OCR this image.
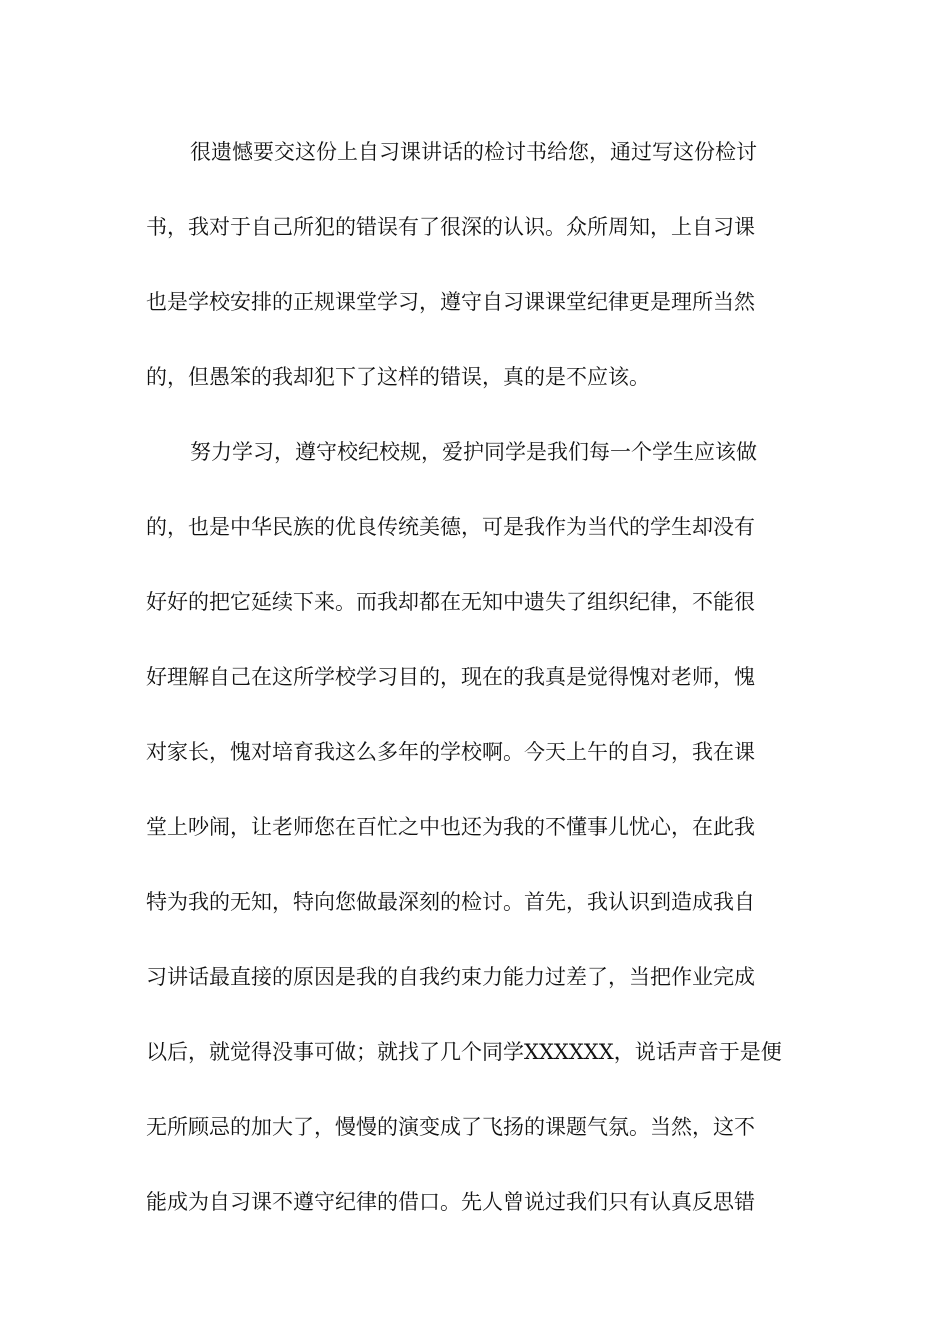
很遗憾要交这份上自习课讲话的检讨书给您，通过写这份检讨
书，我对于自己所犯的错误有了很深的认识。众所周知，上自习课
也是学校安排的正规课堂学习，遵守自习课课堂纪律更是理所当然
的，但愚笨的我却犯下了这样的错误，真的是不应该。
努力学习，遵守校纪校规，爱护同学是我们每一个学生应该做
的，也是中华民族的优良传统美德，可是我作为当代的学生却没有
好好的把它延续下来。而我却都在无知中遗失了组织纪律，不能很
好理解自己在这所学校学习目的，现在的我真是觉得愧对老师，愧
对家长，愧对培育我这么多年的学校啊。今天上午的自习，我在课
堂上吵闹，让老师您在百忙之中也还为我的不懂事儿忧心，在此我
特为我的无知，特向您做最深刻的检讨。首先，我认识到造成我自
习讲话最直接的原因是我的自我约束力能力过差了，当把作业完成
以后，就觉得没事可做；就找了几个同学XXXXXX，说话声音于是便
无所顾忌的加大了，慢慢的演变成了飞扬的课题气氛。当然，这不
能成为自习课不遵守纪律的借口。先人曾说过我们只有认真反思错
